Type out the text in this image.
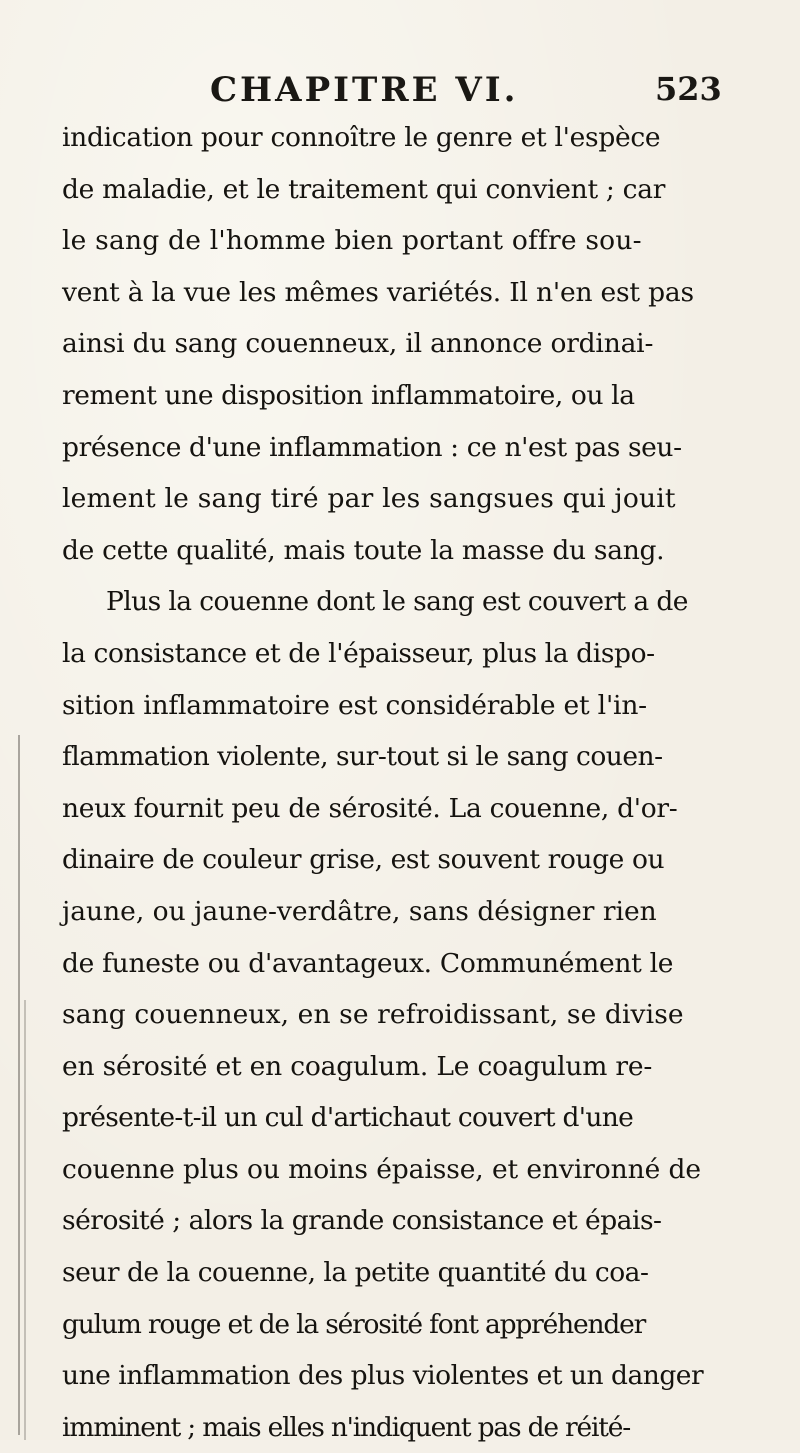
CHAPITRE VI.	523
indication pour connoître le genre et l'espèce
de maladie, et le traitement qui convient ; car
le sang de l'homme bien portant offre sou-
vent à la vue les mêmes variétés. Il n'en est pas
ainsi du sang couenneux, il annonce ordinai-
rement une disposition inflammatoire, ou la
présence d'une inflammation : ce n'est pas seu-
lement le sang tiré par les sangsues qui jouit
de cette qualité, mais toute la masse du sang.
Plus la couenne dont le sang est couvert a de
la consistance et de l'épaisseur, plus la dispo-
sition inflammatoire est considérable et l'in-
flammation violente, sur-tout si le sang couen-
neux fournit peu de sérosité. La couenne, d'or-
dinaire de couleur grise, est souvent rouge ou
jaune, ou jaune-verdâtre, sans désigner rien
de funeste ou d'avantageux. Communément le
sang couenneux, en se refroidissant, se divise
en sérosité et en coagulum. Le coagulum re-
présente-t-il un cul d'artichaut couvert d'une
couenne plus ou moins épaisse, et environné de
sérosité ; alors la grande consistance et épais-
seur de la couenne, la petite quantité du coa-
gulum rouge et de la sérosité font appréhender
une inflammation des plus violentes et un danger
imminent ; mais elles n'indiquent pas de réité-
